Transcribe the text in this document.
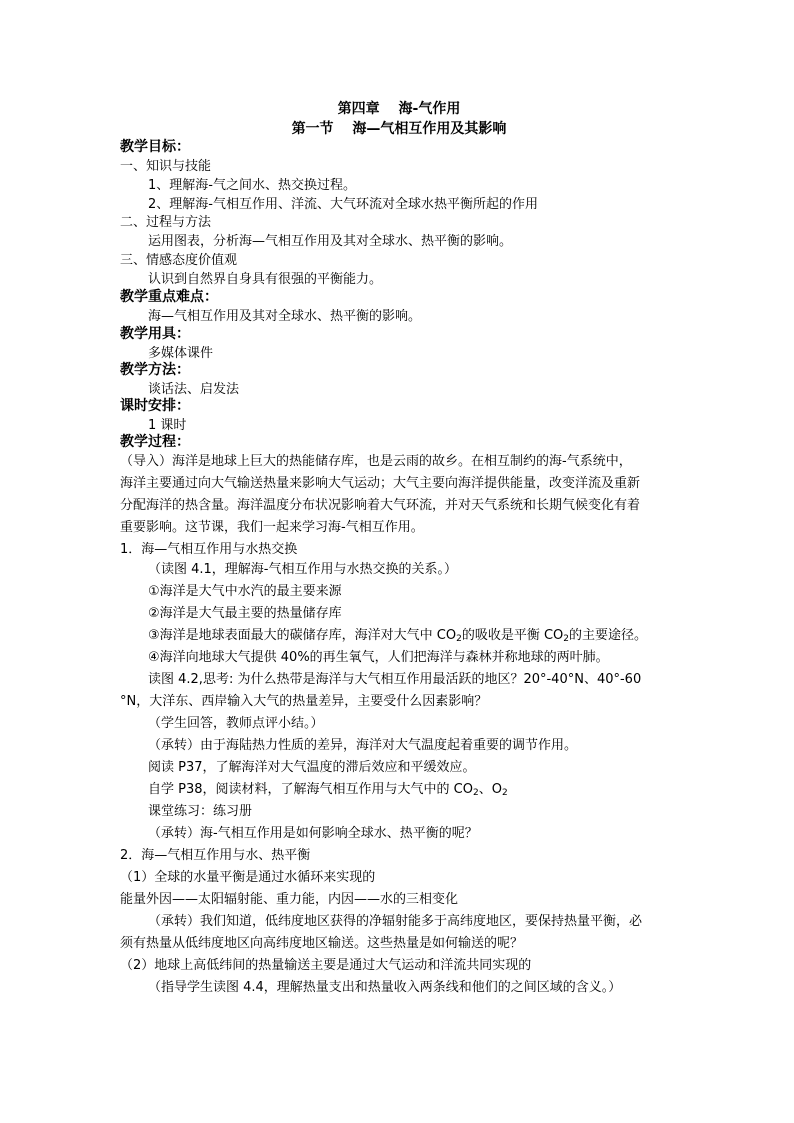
第四章　 海-气作用
第一节　 海—气相互作用及其影响
教学目标：
一、知识与技能
1、理解海-气之间水、热交换过程。
2、理解海-气相互作用、洋流、大气环流对全球水热平衡所起的作用
二、过程与方法
运用图表，分析海—气相互作用及其对全球水、热平衡的影响。
三、情感态度价值观
认识到自然界自身具有很强的平衡能力。
教学重点难点：
海—气相互作用及其对全球水、热平衡的影响。
教学用具：
多媒体课件
教学方法：
谈话法、启发法
课时安排：
1 课时
教学过程：
（导入）海洋是地球上巨大的热能储存库，也是云雨的故乡。在相互制约的海-气系统中，
海洋主要通过向大气输送热量来影响大气运动；大气主要向海洋提供能量，改变洋流及重新
分配海洋的热含量。海洋温度分布状况影响着大气环流，并对天气系统和长期气候变化有着
重要影响。这节课，我们一起来学习海-气相互作用。
1．海—气相互作用与水热交换
（读图 4.1，理解海-气相互作用与水热交换的关系。）
①海洋是大气中水汽的最主要来源
②海洋是大气最主要的热量储存库
③海洋是地球表面最大的碳储存库，海洋对大气中 $CO_2$的吸收是平衡 $CO_2$的主要途径。
④海洋向地球大气提供 40%的再生氧气，人们把海洋与森林并称地球的两叶肺。
读图 4.2,思考: 为什么热带是海洋与大气相互作用最活跃的地区？20°-40°N、40°-60
°N，大洋东、西岸输入大气的热量差异，主要受什么因素影响？
（学生回答，教师点评小结。）
（承转）由于海陆热力性质的差异，海洋对大气温度起着重要的调节作用。
阅读 P37，了解海洋对大气温度的滞后效应和平缓效应。
自学 P38，阅读材料，了解海气相互作用与大气中的 $CO_2$、$O_2$
课堂练习：练习册
（承转）海-气相互作用是如何影响全球水、热平衡的呢？
2．海—气相互作用与水、热平衡
（1）全球的水量平衡是通过水循环来实现的
能量外因——太阳辐射能、重力能，内因——水的三相变化
（承转）我们知道，低纬度地区获得的净辐射能多于高纬度地区，要保持热量平衡，必
须有热量从低纬度地区向高纬度地区输送。这些热量是如何输送的呢？
（2）地球上高低纬间的热量输送主要是通过大气运动和洋流共同实现的
（指导学生读图 4.4，理解热量支出和热量收入两条线和他们的之间区域的含义。）
